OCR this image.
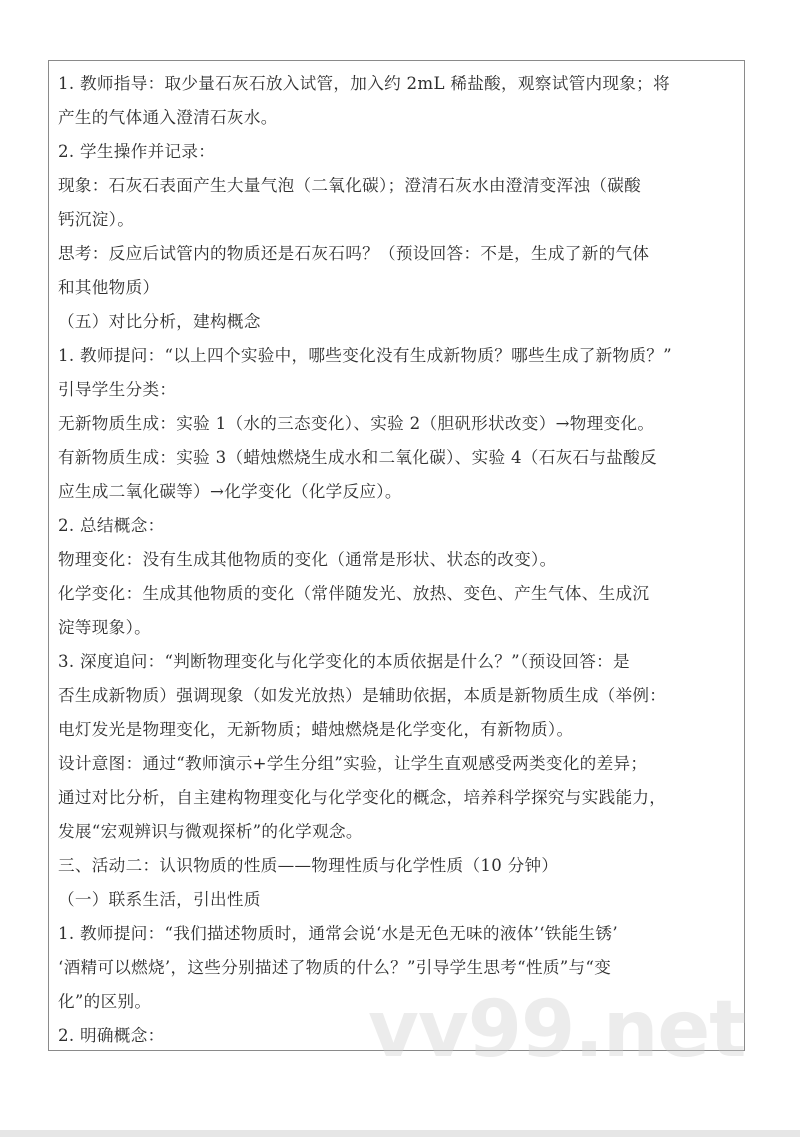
1. 教师指导：取少量石灰石放入试管，加入约 2mL 稀盐酸，观察试管内现象；将
产生的气体通入澄清石灰水。
2. 学生操作并记录：
现象：石灰石表面产生大量气泡（二氧化碳）；澄清石灰水由澄清变浑浊（碳酸
钙沉淀）。
思考：反应后试管内的物质还是石灰石吗？（预设回答：不是，生成了新的气体
和其他物质）
（五）对比分析，建构概念
1. 教师提问：“以上四个实验中，哪些变化没有生成新物质？哪些生成了新物质？”
引导学生分类：
无新物质生成：实验 1（水的三态变化）、实验 2（胆矾形状改变）→物理变化。
有新物质生成：实验 3（蜡烛燃烧生成水和二氧化碳）、实验 4（石灰石与盐酸反
应生成二氧化碳等）→化学变化（化学反应）。
2. 总结概念：
物理变化：没有生成其他物质的变化（通常是形状、状态的改变）。
化学变化：生成其他物质的变化（常伴随发光、放热、变色、产生气体、生成沉
淀等现象）。
3. 深度追问：“判断物理变化与化学变化的本质依据是什么？”（预设回答：是
否生成新物质）强调现象（如发光放热）是辅助依据，本质是新物质生成（举例：
电灯发光是物理变化，无新物质；蜡烛燃烧是化学变化，有新物质）。
设计意图：通过“教师演示+学生分组”实验，让学生直观感受两类变化的差异；
通过对比分析，自主建构物理变化与化学变化的概念，培养科学探究与实践能力，
发展“宏观辨识与微观探析”的化学观念。
三、活动二：认识物质的性质——物理性质与化学性质（10 分钟）
（一）联系生活，引出性质
1. 教师提问：“我们描述物质时，通常会说‘水是无色无味的液体’‘铁能生锈’
‘酒精可以燃烧’，这些分别描述了物质的什么？”引导学生思考“性质”与“变
化”的区别。
2. 明确概念：	vv99.net
